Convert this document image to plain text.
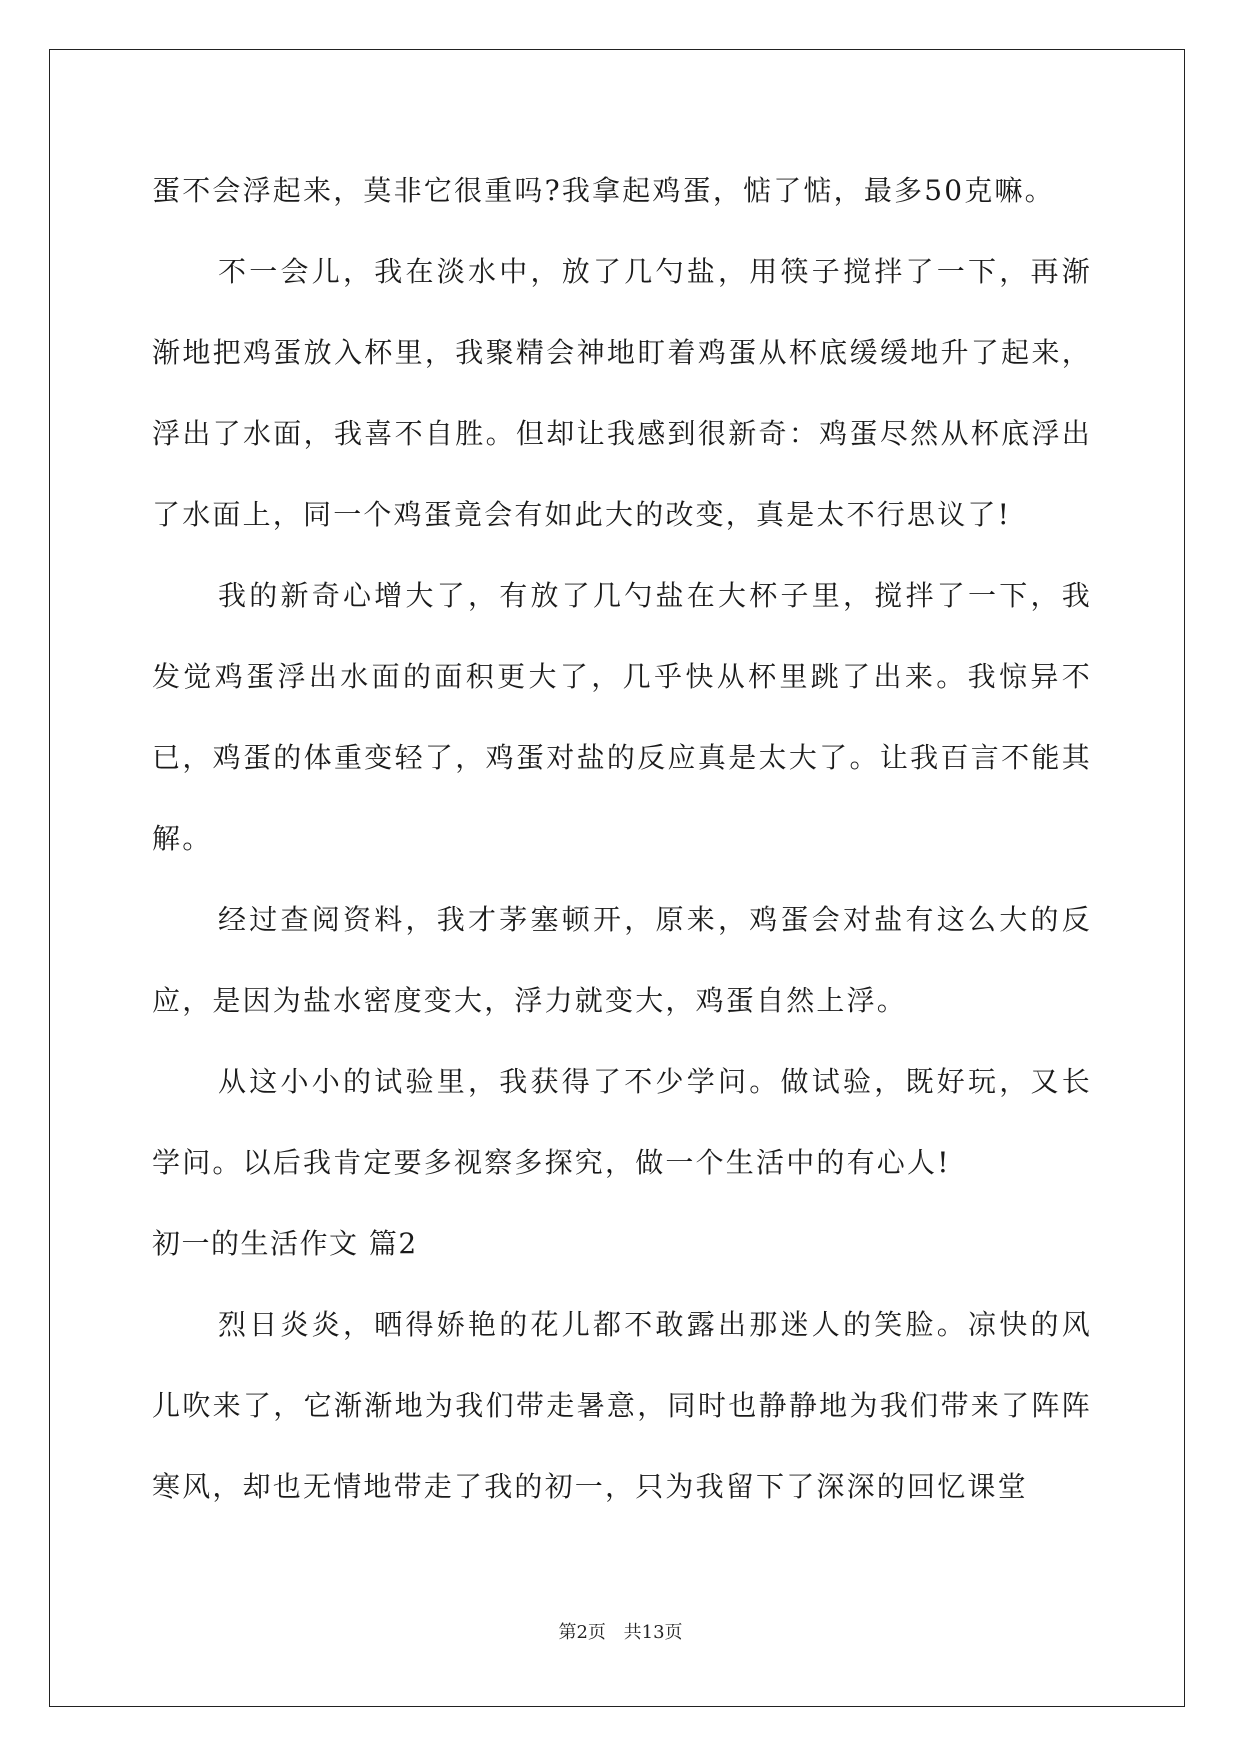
蛋不会浮起来，莫非它很重吗?我拿起鸡蛋，惦了惦，最多50克嘛。

不一会儿，我在淡水中，放了几勺盐，用筷子搅拌了一下，再渐渐地把鸡蛋放入杯里，我聚精会神地盯着鸡蛋从杯底缓缓地升了起来，浮出了水面，我喜不自胜。但却让我感到很新奇：鸡蛋尽然从杯底浮出了水面上，同一个鸡蛋竟会有如此大的改变，真是太不行思议了!

我的新奇心增大了，有放了几勺盐在大杯子里，搅拌了一下，我发觉鸡蛋浮出水面的面积更大了，几乎快从杯里跳了出来。我惊异不已，鸡蛋的体重变轻了，鸡蛋对盐的反应真是太大了。让我百言不能其解。

经过查阅资料，我才茅塞顿开，原来，鸡蛋会对盐有这么大的反应，是因为盐水密度变大，浮力就变大，鸡蛋自然上浮。

从这小小的试验里，我获得了不少学问。做试验，既好玩，又长学问。以后我肯定要多视察多探究，做一个生活中的有心人!

初一的生活作文 篇2

烈日炎炎，晒得娇艳的花儿都不敢露出那迷人的笑脸。凉快的风儿吹来了，它渐渐地为我们带走暑意，同时也静静地为我们带来了阵阵寒风，却也无情地带走了我的初一，只为我留下了深深的回忆课堂

第2页 共13页
